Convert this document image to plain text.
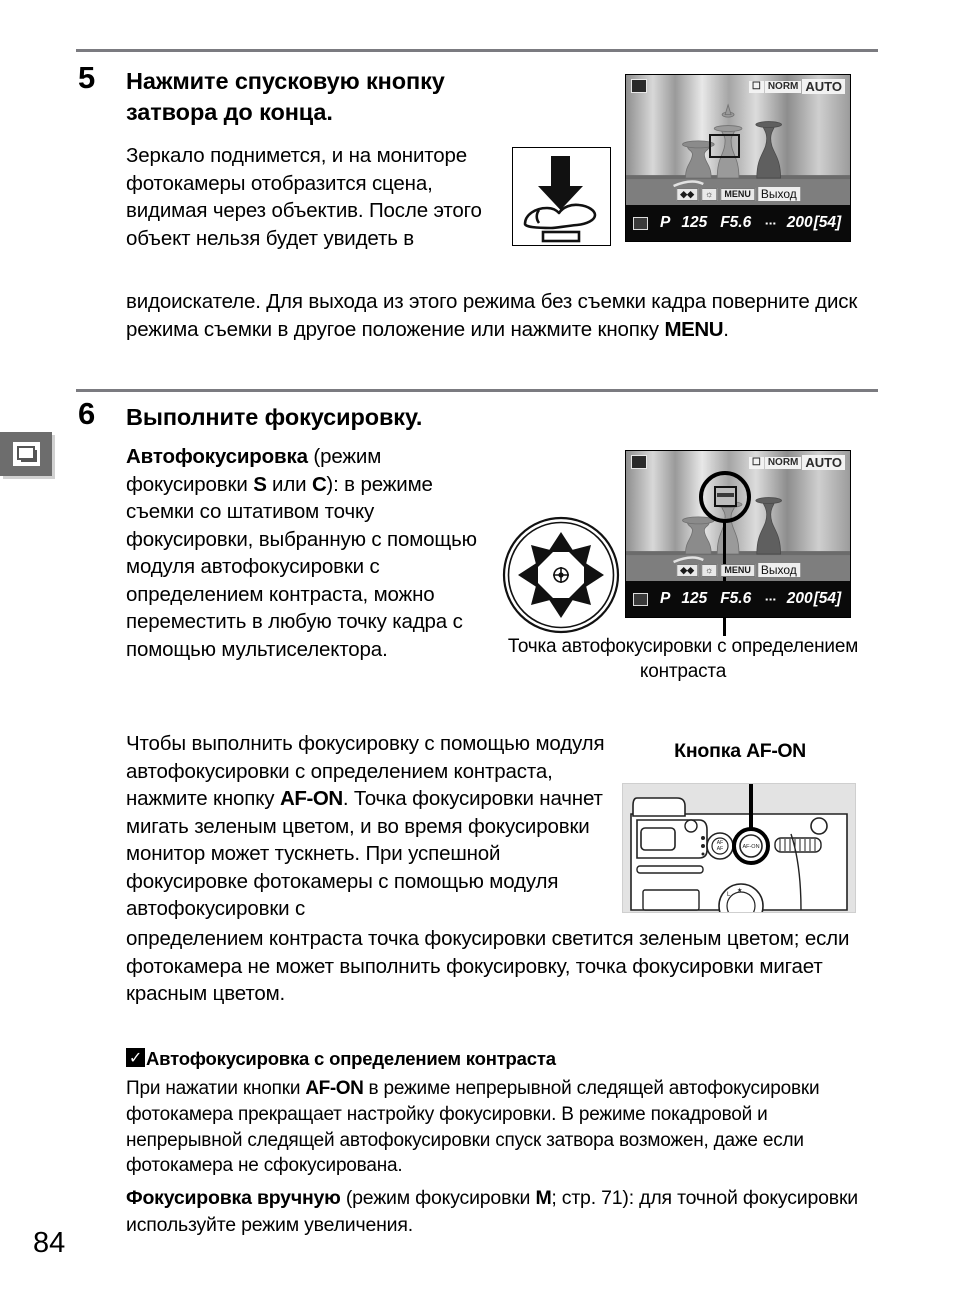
5 Нажмите спусковую кнопку затвора до конца.
Зеркало поднимется, и на мониторе фотокамеры отобразится сцена, видимая через объектив. После этого объект нельзя будет увидеть в
видоискателе. Для выхода из этого режима без съемки кадра поверните диск режима съемки в другое положение или нажмите кнопку MENU.
☐ NORM AUTO
◆◆	☼	MENU Выход
P 125 F5.6 ▪▪▪ 200 [54]
6 Выполните фокусировку.
Автофокусировка (режим фокусировки S или C): в режиме съемки со штативом точку фокусировки, выбранную с помощью модуля автофокусировки с определением контраста, можно переместить в любую точку кадра с помощью мультиселектора.
Чтобы выполнить фокусировку с помощью модуля автофокусировки с определением контраста, нажмите кнопку AF-ON. Точка фокусировки начнет мигать зеленым цветом, и во время фокусировки монитор может тускнеть. При успешной фокусировке фотокамеры с помощью модуля автофокусировки с
определением контраста точка фокусировки светится зеленым цветом; если фотокамера не может выполнить фокусировку, точка фокусировки мигает красным цветом.
☐ NORM AUTO
◆◆	☼	MENU Выход
P 125 F5.6 ▪▪▪ 200 [54]
Точка автофокусировки с определением контраста
Кнопка AF-ON
AF
AF	AF-ON
L
★
✓ Автофокусировка с определением контраста
При нажатии кнопки AF-ON в режиме непрерывной следящей автофокусировки фотокамера прекращает настройку фокусировки. В режиме покадровой и непрерывной следящей автофокусировки спуск затвора возможен, даже если фотокамера не сфокусирована.
Фокусировка вручную (режим фокусировки M; стр. 71): для точной фокусировки используйте режим увеличения.
84
